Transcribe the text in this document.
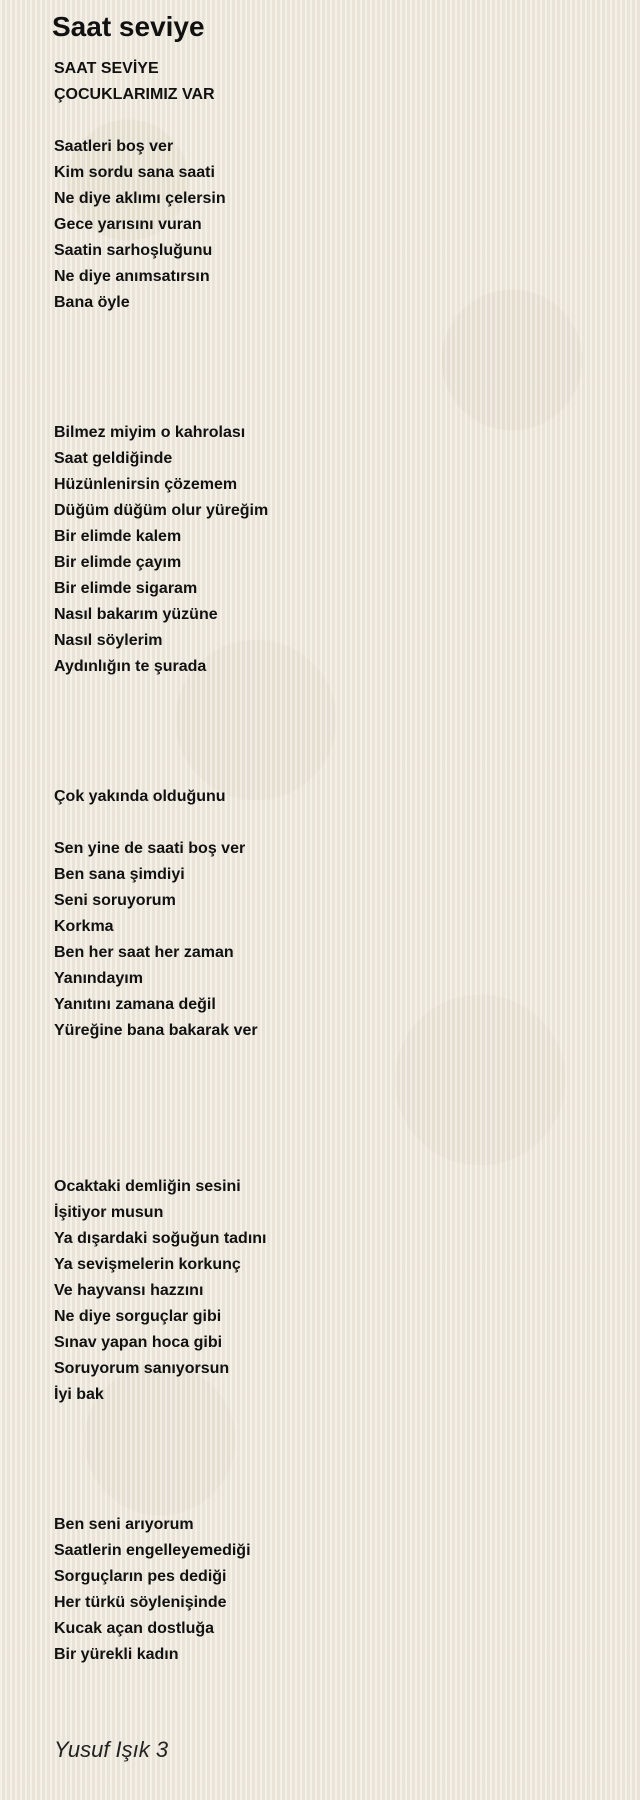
Saat seviye
SAAT SEVİYE
ÇOCUKLARIMIZ VAR
Saatleri boş ver
Kim sordu sana saati
Ne diye aklımı çelersin
Gece yarısını vuran
Saatin sarhoşluğunu
Ne diye anımsatırsın
Bana öyle
Bilmez miyim o kahrolası
Saat geldiğinde
Hüzünlenirsin çözemem
Düğüm düğüm olur yüreğim
Bir elimde kalem
Bir elimde çayım
Bir elimde sigaram
Nasıl bakarım yüzüne
Nasıl söylerim
Aydınlığın te şurada
Çok yakında olduğunu
Sen yine de saati boş ver
Ben sana şimdiyi
Seni soruyorum
Korkma
Ben her saat her zaman
Yanındayım
Yanıtını zamana değil
Yüreğine bana bakarak ver
Ocaktaki demliğin sesini
İşitiyor musun
Ya dışardaki soğuğun tadını
Ya sevişmelerin korkunç
Ve hayvansı hazzını
Ne diye sorguçlar gibi
Sınav yapan hoca gibi
Soruyorum sanıyorsun
İyi bak
Ben seni arıyorum
Saatlerin engelleyemediği
Sorguçların pes dediği
Her türkü söylenişinde
Kucak açan dostluğa
Bir yürekli kadın
Yusuf Işık 3
